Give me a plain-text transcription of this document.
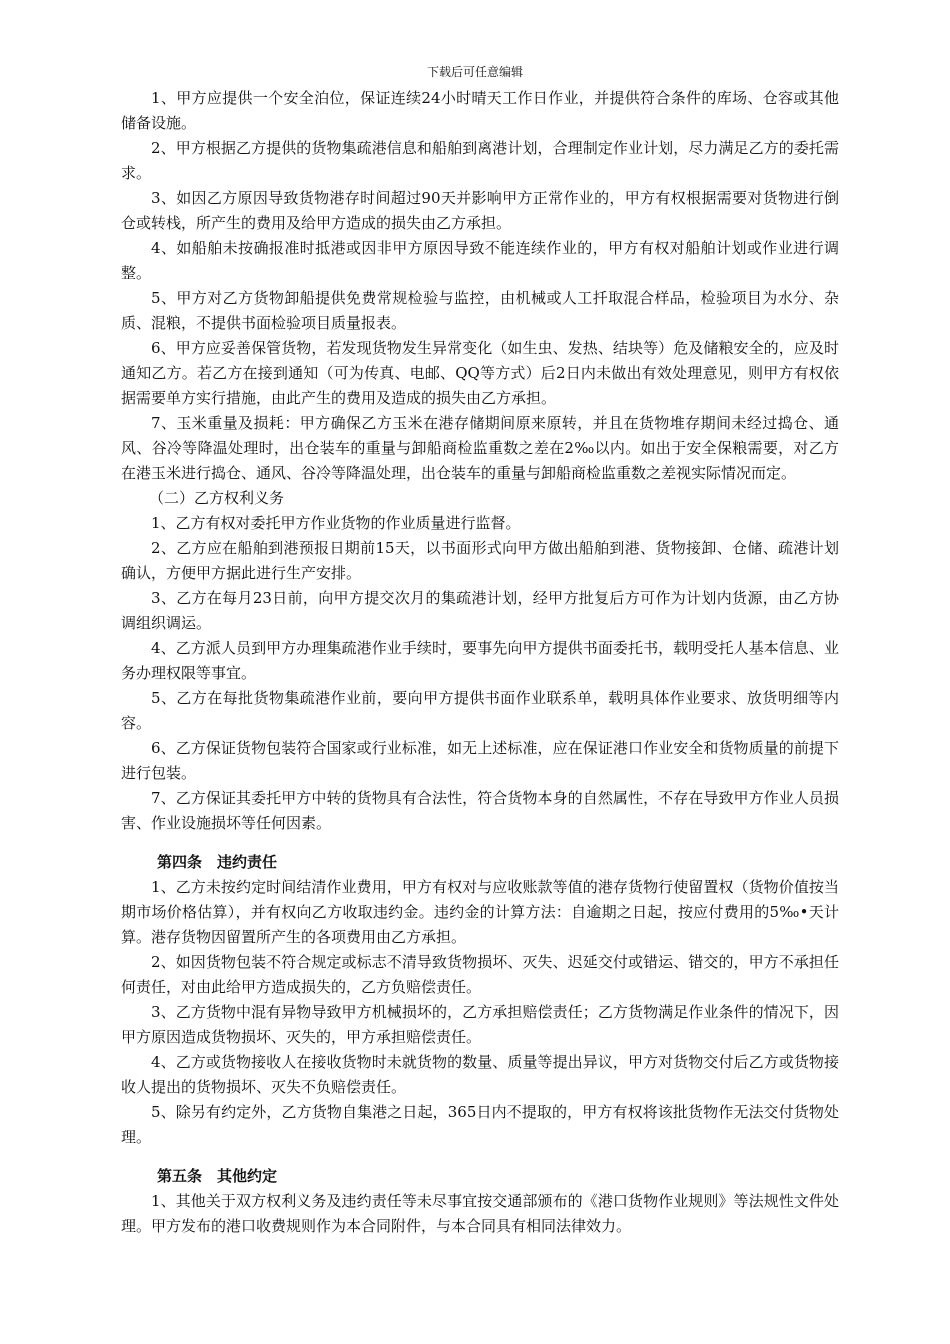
下载后可任意编辑

1、甲方应提供一个安全泊位，保证连续24小时晴天工作日作业，并提供符合条件的库场、仓容或其他储备设施。

2、甲方根据乙方提供的货物集疏港信息和船舶到离港计划，合理制定作业计划，尽力满足乙方的委托需求。

3、如因乙方原因导致货物港存时间超过90天并影响甲方正常作业的，甲方有权根据需要对货物进行倒仓或转栈，所产生的费用及给甲方造成的损失由乙方承担。

4、如船舶未按确报准时抵港或因非甲方原因导致不能连续作业的，甲方有权对船舶计划或作业进行调整。

5、甲方对乙方货物卸船提供免费常规检验与监控，由机械或人工扦取混合样品，检验项目为水分、杂质、混粮，不提供书面检验项目质量报表。

6、甲方应妥善保管货物，若发现货物发生异常变化（如生虫、发热、结块等）危及储粮安全的，应及时通知乙方。若乙方在接到通知（可为传真、电邮、QQ等方式）后2日内未做出有效处理意见，则甲方有权依据需要单方实行措施，由此产生的费用及造成的损失由乙方承担。

7、玉米重量及损耗：甲方确保乙方玉米在港存储期间原来原转，并且在货物堆存期间未经过捣仓、通风、谷冷等降温处理时，出仓装车的重量与卸船商检监重数之差在2‰以内。如出于安全保粮需要，对乙方在港玉米进行捣仓、通风、谷冷等降温处理，出仓装车的重量与卸船商检监重数之差视实际情况而定。

（二）乙方权利义务

1、乙方有权对委托甲方作业货物的作业质量进行监督。

2、乙方应在船舶到港预报日期前15天，以书面形式向甲方做出船舶到港、货物接卸、仓储、疏港计划确认，方便甲方据此进行生产安排。

3、乙方在每月23日前，向甲方提交次月的集疏港计划，经甲方批复后方可作为计划内货源，由乙方协调组织调运。

4、乙方派人员到甲方办理集疏港作业手续时，要事先向甲方提供书面委托书，载明受托人基本信息、业务办理权限等事宜。

5、乙方在每批货物集疏港作业前，要向甲方提供书面作业联系单，载明具体作业要求、放货明细等内容。

6、乙方保证货物包装符合国家或行业标准，如无上述标准，应在保证港口作业安全和货物质量的前提下进行包装。

7、乙方保证其委托甲方中转的货物具有合法性，符合货物本身的自然属性，不存在导致甲方作业人员损害、作业设施损坏等任何因素。

第四条　违约责任

1、乙方未按约定时间结清作业费用，甲方有权对与应收账款等值的港存货物行使留置权（货物价值按当期市场价格估算），并有权向乙方收取违约金。违约金的计算方法：自逾期之日起，按应付费用的5‰•天计算。港存货物因留置所产生的各项费用由乙方承担。

2、如因货物包装不符合规定或标志不清导致货物损坏、灭失、迟延交付或错运、错交的，甲方不承担任何责任，对由此给甲方造成损失的，乙方负赔偿责任。

3、乙方货物中混有异物导致甲方机械损坏的，乙方承担赔偿责任；乙方货物满足作业条件的情况下，因甲方原因造成货物损坏、灭失的，甲方承担赔偿责任。

4、乙方或货物接收人在接收货物时未就货物的数量、质量等提出异议，甲方对货物交付后乙方或货物接收人提出的货物损坏、灭失不负赔偿责任。

5、除另有约定外，乙方货物自集港之日起，365日内不提取的，甲方有权将该批货物作无法交付货物处理。

第五条　其他约定

1、其他关于双方权利义务及违约责任等未尽事宜按交通部颁布的《港口货物作业规则》等法规性文件处理。甲方发布的港口收费规则作为本合同附件，与本合同具有相同法律效力。
